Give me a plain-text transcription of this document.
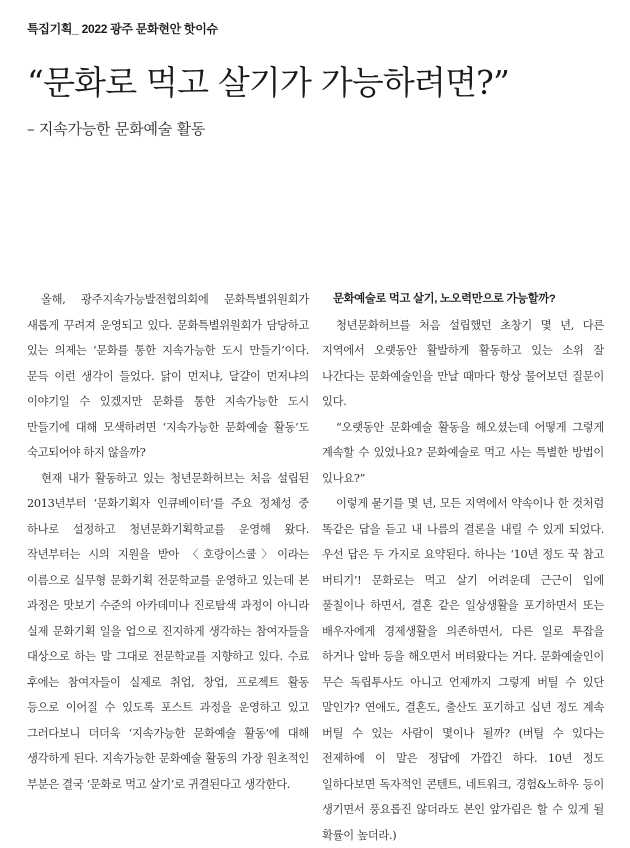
특집기획_ 2022 광주 문화현안 핫이슈
“문화로 먹고 살기가 가능하려면?”
– 지속가능한 문화예술 활동

올해, 광주지속가능발전협의회에 문화특별위원회가 새롭게 꾸려져 운영되고 있다. 문화특별위원회가 담당하고 있는 의제는 ‘문화를 통한 지속가능한 도시 만들기’이다. 문득 이런 생각이 들었다. 닭이 먼저냐, 달걀이 먼저냐의 이야기일 수 있겠지만 문화를 통한 지속가능한 도시 만들기에 대해 모색하려면 ‘지속가능한 문화예술 활동’도 숙고되어야 하지 않을까?

현재 내가 활동하고 있는 청년문화허브는 처음 설립된 2013년부터 ‘문화기획자 인큐베이터’를 주요 정체성 중 하나로 설정하고 청년문화기획학교를 운영해 왔다. 작년부터는 시의 지원을 받아 〈호랑이스쿨〉이라는 이름으로 실무형 문화기획 전문학교를 운영하고 있는데 본 과정은 맛보기 수준의 아카데미나 진로탐색 과정이 아니라 실제 문화기획 일을 업으로 진지하게 생각하는 참여자들을 대상으로 하는 말 그대로 전문학교를 지향하고 있다. 수료 후에는 참여자들이 실제로 취업, 창업, 프로젝트 활동 등으로 이어질 수 있도록 포스트 과정을 운영하고 있고 그러다보니 더더욱 ‘지속가능한 문화예술 활동’에 대해 생각하게 된다. 지속가능한 문화예술 활동의 가장 원초적인 부분은 결국 ‘문화로 먹고 살기’로 귀결된다고 생각한다.

문화예술로 먹고 살기, 노오력만으로 가능할까?

청년문화허브를 처음 설립했던 초창기 몇 년, 다른 지역에서 오랫동안 활발하게 활동하고 있는 소위 잘 나간다는 문화예술인을 만날 때마다 항상 물어보던 질문이 있다.

“오랫동안 문화예술 활동을 해오셨는데 어떻게 그렇게 계속할 수 있었나요? 문화예술로 먹고 사는 특별한 방법이 있나요?”

이렇게 묻기를 몇 년, 모든 지역에서 약속이나 한 것처럼 똑같은 답을 듣고 내 나름의 결론을 내릴 수 있게 되었다. 우선 답은 두 가지로 요약된다. 하나는 ‘10년 정도 꾹 참고 버티기’! 문화로는 먹고 살기 어려운데 근근이 입에 풀칠이나 하면서, 결혼 같은 일상생활을 포기하면서 또는 배우자에게 경제생활을 의존하면서, 다른 일로 투잡을 하거나 알바 등을 해오면서 버텨왔다는 거다. 문화예술인이 무슨 독립투사도 아니고 언제까지 그렇게 버틸 수 있단 말인가? 연애도, 결혼도, 출산도 포기하고 십년 정도 계속 버틸 수 있는 사람이 몇이나 될까? (버틸 수 있다는 전제하에 이 말은 정답에 가깝긴 하다. 10년 정도 일하다보면 독자적인 콘텐트, 네트워크, 경험&노하우 등이 생기면서 풍요롭진 않더라도 본인 앞가림은 할 수 있게 될 확률이 높더라.)
